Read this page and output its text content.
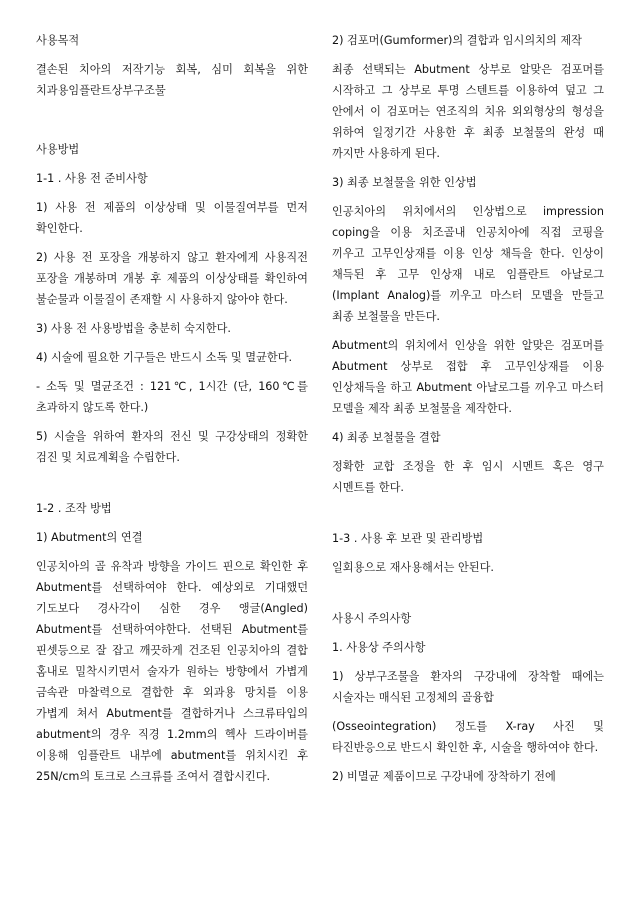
사용목적

결손된 치아의 저작기능 회복, 심미 회복을 위한 치과용임플란트상부구조물

사용방법

1-1 . 사용 전 준비사항

1) 사용 전 제품의 이상상태 및 이물질여부를 먼저 확인한다.

2) 사용 전 포장을 개봉하지 않고 환자에게 사용직전 포장을 개봉하며 개봉 후 제품의 이상상태를 확인하여 불순물과 이물질이 존재할 시 사용하지 않아야 한다.

3) 사용 전 사용방법을 충분히 숙지한다.

4) 시술에 필요한 기구들은 반드시 소독 및 멸균한다.

- 소독 및 멸균조건 : 121℃, 1시간 (단, 160℃를 초과하지 않도록 한다.)

5) 시술을 위하여 환자의 전신 및 구강상태의 정확한 검진 및 치료계획을 수립한다.

1-2 . 조작 방법

1) Abutment의 연결

인공치아의 골 유착과 방향을 가이드 핀으로 확인한 후 Abutment를 선택하여야 한다. 예상외로 기대했던 기도보다 경사각이 심한 경우 앵글(Angled) Abutment를 선택하여야한다. 선택된 Abutment를 핀셋등으로 잘 잡고 깨끗하게 건조된 인공치아의 결합 홈내로 밀착시키면서 술자가 원하는 방향에서 가볍게 금속관 마찰력으로 결합한 후 외과용 망치를 이용 가볍게 쳐서 Abutment를 결합하거나 스크류타입의 abutment의 경우 직경 1.2mm의 헥사 드라이버를 이용해 임플란트 내부에 abutment를 위치시킨 후 25N/cm의 토크로 스크류를 조여서 결합시킨다.

2) 검포머(Gumformer)의 결합과 임시의치의 제작

최종 선택되는 Abutment 상부로 알맞은 검포머를 시작하고 그 상부로 투명 스텐트를 이용하여 덮고 그 안에서 이 검포머는 연조직의 치유 외외형상의 형성을 위하여 일정기간 사용한 후 최종 보철물의 완성 때 까지만 사용하게 된다.

3) 최종 보철물을 위한 인상법

인공치아의 위치에서의 인상법으로 impression coping을 이용 치조골내 인공치아에 직접 코핑을 끼우고 고무인상재를 이용 인상 채득을 한다. 인상이 채득된 후 고무 인상재 내로 임플란트 아날로그(Implant Analog)를 끼우고 마스터 모델을 만들고 최종 보철물을 만든다.

Abutment의 위치에서 인상을 위한 알맞은 검포머를 Abutment 상부로 접합 후 고무인상재를 이용 인상채득을 하고 Abutment 아날로그를 끼우고 마스터 모델을 제작 최종 보철물을 제작한다.

4) 최종 보철물을 결합

정확한 교합 조정을 한 후 임시 시멘트 혹은 영구 시멘트를 한다.

1-3 . 사용 후 보관 및 관리방법

일회용으로 재사용해서는 안된다.

사용시 주의사항

1. 사용상 주의사항

1) 상부구조물을 환자의 구강내에 장착할 때에는 시술자는 매식된 고정체의 골융합

(Osseointegration) 정도를 X-ray 사진 및 타진반응으로 반드시 확인한 후, 시술을 행하여야 한다.

2) 비멸균 제품이므로 구강내에 장착하기 전에
